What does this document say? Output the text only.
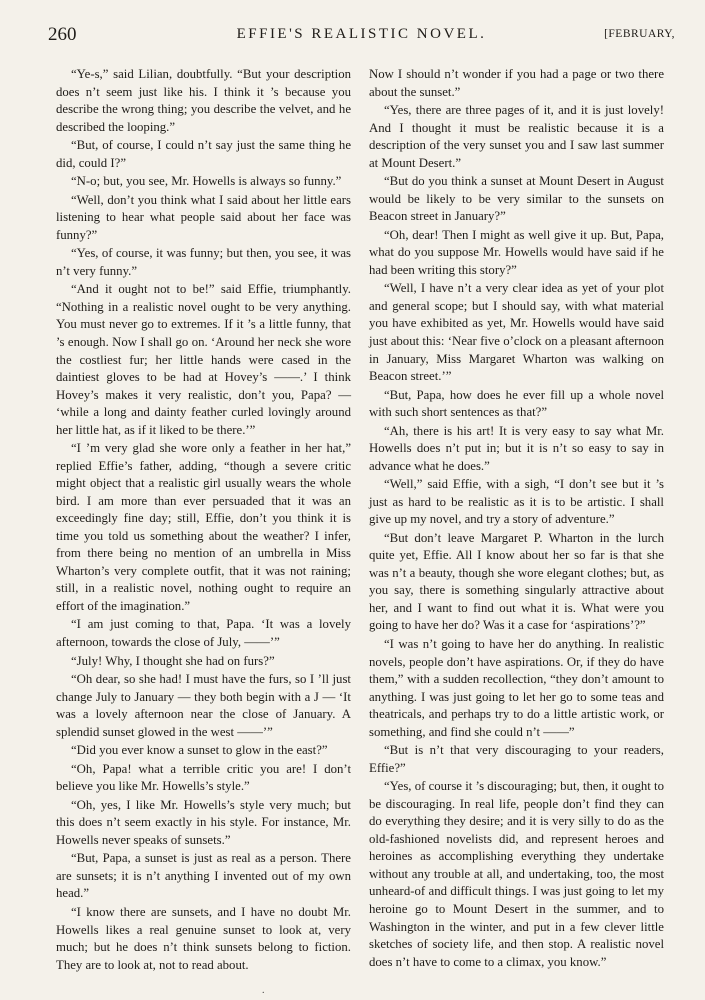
260	EFFIE'S REALISTIC NOVEL.	[FEBRUARY,

“Ye-s,” said Lilian, doubtfully. “But your description does n’t seem just like his. I think it ’s because you describe the wrong thing; you describe the velvet, and he described the looping.”

“But, of course, I could n’t say just the same thing he did, could I?”

“N-o; but, you see, Mr. Howells is always so funny.”

“Well, don’t you think what I said about her little ears listening to hear what people said about her face was funny?”

“Yes, of course, it was funny; but then, you see, it was n’t very funny.”

“And it ought not to be!” said Effie, triumphantly. “Nothing in a realistic novel ought to be very anything. You must never go to extremes. If it ’s a little funny, that ’s enough. Now I shall go on. ‘Around her neck she wore the costliest fur; her little hands were cased in the daintiest gloves to be had at Hovey’s ——.’ I think Hovey’s makes it very realistic, don’t you, Papa? — ‘while a long and dainty feather curled lovingly around her little hat, as if it liked to be there.’”

“I ’m very glad she wore only a feather in her hat,” replied Effie’s father, adding, “though a severe critic might object that a realistic girl usually wears the whole bird. I am more than ever persuaded that it was an exceedingly fine day; still, Effie, don’t you think it is time you told us something about the weather? I infer, from there being no mention of an umbrella in Miss Wharton’s very complete outfit, that it was not raining; still, in a realistic novel, nothing ought to require an effort of the imagination.”

“I am just coming to that, Papa. ‘It was a lovely afternoon, towards the close of July, ——’”

“July! Why, I thought she had on furs?”

“Oh dear, so she had! I must have the furs, so I ’ll just change July to January — they both begin with a J — ‘It was a lovely afternoon near the close of January. A splendid sunset glowed in the west ——’”

“Did you ever know a sunset to glow in the east?”

“Oh, Papa! what a terrible critic you are! I don’t believe you like Mr. Howells’s style.”

“Oh, yes, I like Mr. Howells’s style very much; but this does n’t seem exactly in his style. For instance, Mr. Howells never speaks of sunsets.”

“But, Papa, a sunset is just as real as a person. There are sunsets; it is n’t anything I invented out of my own head.”

“I know there are sunsets, and I have no doubt Mr. Howells likes a real genuine sunset to look at, very much; but he does n’t think sunsets belong to fiction. They are to look at, not to read about.

Now I should n’t wonder if you had a page or two there about the sunset.”

“Yes, there are three pages of it, and it is just lovely! And I thought it must be realistic because it is a description of the very sunset you and I saw last summer at Mount Desert.”

“But do you think a sunset at Mount Desert in August would be likely to be very similar to the sunsets on Beacon street in January?”

“Oh, dear! Then I might as well give it up. But, Papa, what do you suppose Mr. Howells would have said if he had been writing this story?”

“Well, I have n’t a very clear idea as yet of your plot and general scope; but I should say, with what material you have exhibited as yet, Mr. Howells would have said just about this: ‘Near five o’clock on a pleasant afternoon in January, Miss Margaret Wharton was walking on Beacon street.’”

“But, Papa, how does he ever fill up a whole novel with such short sentences as that?”

“Ah, there is his art! It is very easy to say what Mr. Howells does n’t put in; but it is n’t so easy to say in advance what he does.”

“Well,” said Effie, with a sigh, “I don’t see but it ’s just as hard to be realistic as it is to be artistic. I shall give up my novel, and try a story of adventure.”

“But don’t leave Margaret P. Wharton in the lurch quite yet, Effie. All I know about her so far is that she was n’t a beauty, though she wore elegant clothes; but, as you say, there is something singularly attractive about her, and I want to find out what it is. What were you going to have her do? Was it a case for ‘aspirations’?”

“I was n’t going to have her do anything. In realistic novels, people don’t have aspirations. Or, if they do have them,” with a sudden recollection, “they don’t amount to anything. I was just going to let her go to some teas and theatricals, and perhaps try to do a little artistic work, or something, and find she could n’t ——”

“But is n’t that very discouraging to your readers, Effie?”

“Yes, of course it ’s discouraging; but, then, it ought to be discouraging. In real life, people don’t find they can do everything they desire; and it is very silly to do as the old-fashioned novelists did, and represent heroes and heroines as accomplishing everything they undertake without any trouble at all, and undertaking, too, the most unheard-of and difficult things. I was just going to let my heroine go to Mount Desert in the summer, and to Washington in the winter, and put in a few clever little sketches of society life, and then stop. A realistic novel does n’t have to come to a climax, you know.”

.
